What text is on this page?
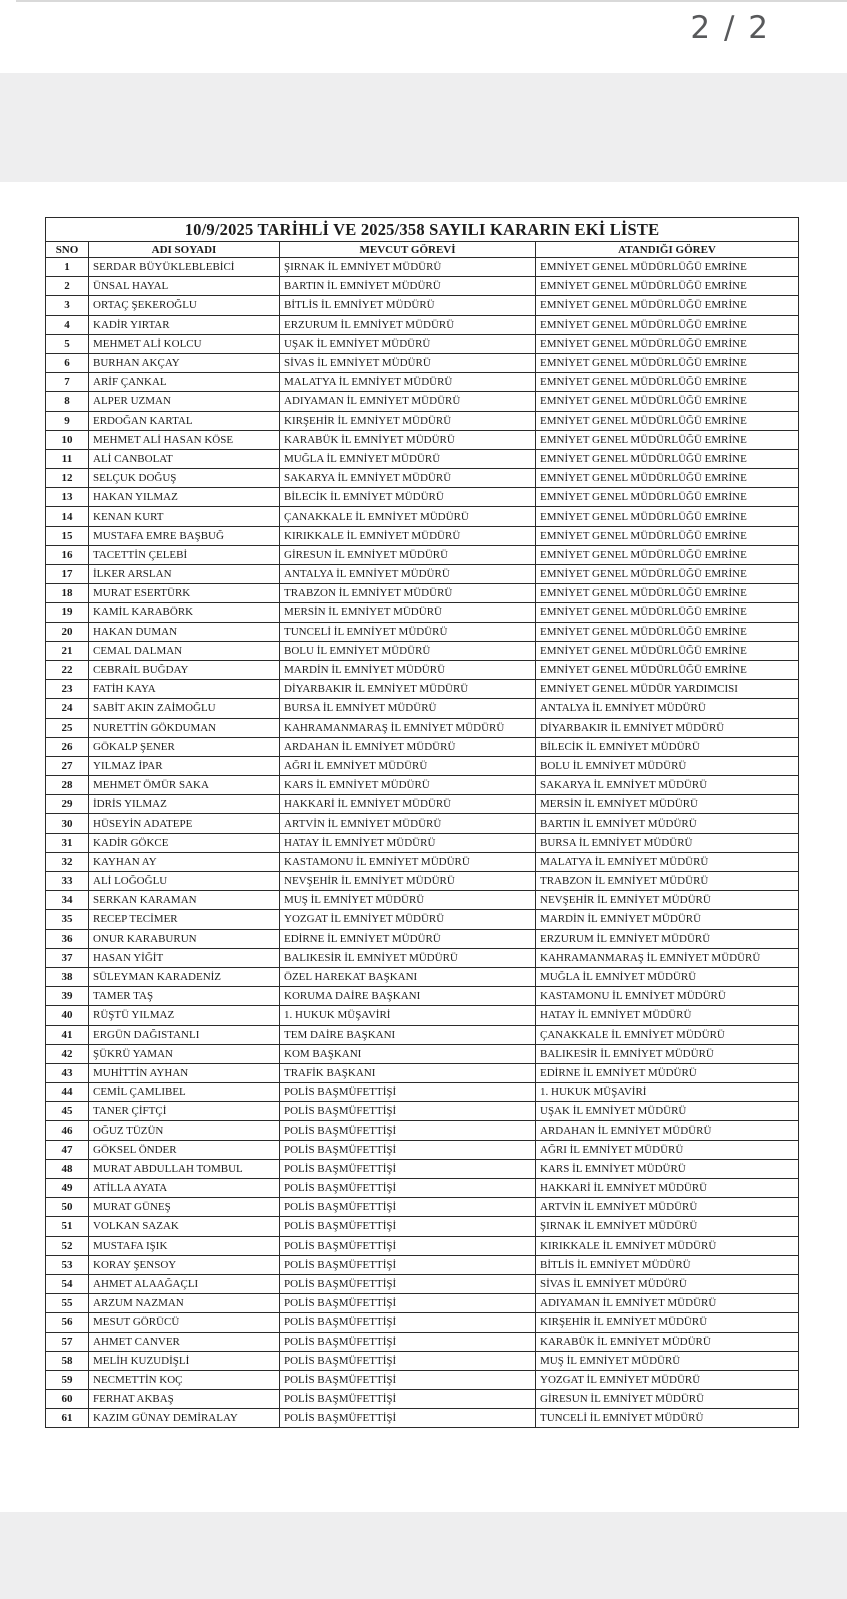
2 / 2
10/9/2025 TARİHLİ VE 2025/358 SAYILI KARARIN EKİ LİSTE			
SNO	ADI SOYADI	MEVCUT GÖREVİ	ATANDIĞI GÖREV
1	SERDAR BÜYÜKLEBLEBİCİ	ŞIRNAK İL EMNİYET MÜDÜRÜ	EMNİYET GENEL MÜDÜRLÜĞÜ EMRİNE
2	ÜNSAL HAYAL	BARTIN İL EMNİYET MÜDÜRÜ	EMNİYET GENEL MÜDÜRLÜĞÜ EMRİNE
3	ORTAÇ ŞEKEROĞLU	BİTLİS İL EMNİYET MÜDÜRÜ	EMNİYET GENEL MÜDÜRLÜĞÜ EMRİNE
4	KADİR YIRTAR	ERZURUM İL EMNİYET MÜDÜRÜ	EMNİYET GENEL MÜDÜRLÜĞÜ EMRİNE
5	MEHMET ALİ KOLCU	UŞAK İL EMNİYET MÜDÜRÜ	EMNİYET GENEL MÜDÜRLÜĞÜ EMRİNE
6	BURHAN AKÇAY	SİVAS İL EMNİYET MÜDÜRÜ	EMNİYET GENEL MÜDÜRLÜĞÜ EMRİNE
7	ARİF ÇANKAL	MALATYA İL EMNİYET MÜDÜRÜ	EMNİYET GENEL MÜDÜRLÜĞÜ EMRİNE
8	ALPER UZMAN	ADIYAMAN İL EMNİYET MÜDÜRÜ	EMNİYET GENEL MÜDÜRLÜĞÜ EMRİNE
9	ERDOĞAN KARTAL	KIRŞEHİR İL EMNİYET MÜDÜRÜ	EMNİYET GENEL MÜDÜRLÜĞÜ EMRİNE
10	MEHMET ALİ HASAN KÖSE	KARABÜK İL EMNİYET MÜDÜRÜ	EMNİYET GENEL MÜDÜRLÜĞÜ EMRİNE
11	ALİ CANBOLAT	MUĞLA İL EMNİYET MÜDÜRÜ	EMNİYET GENEL MÜDÜRLÜĞÜ EMRİNE
12	SELÇUK DOĞUŞ	SAKARYA İL EMNİYET MÜDÜRÜ	EMNİYET GENEL MÜDÜRLÜĞÜ EMRİNE
13	HAKAN YILMAZ	BİLECİK İL EMNİYET MÜDÜRÜ	EMNİYET GENEL MÜDÜRLÜĞÜ EMRİNE
14	KENAN KURT	ÇANAKKALE İL EMNİYET MÜDÜRÜ	EMNİYET GENEL MÜDÜRLÜĞÜ EMRİNE
15	MUSTAFA EMRE BAŞBUĞ	KIRIKKALE İL EMNİYET MÜDÜRÜ	EMNİYET GENEL MÜDÜRLÜĞÜ EMRİNE
16	TACETTİN ÇELEBİ	GİRESUN İL EMNİYET MÜDÜRÜ	EMNİYET GENEL MÜDÜRLÜĞÜ EMRİNE
17	İLKER ARSLAN	ANTALYA İL EMNİYET MÜDÜRÜ	EMNİYET GENEL MÜDÜRLÜĞÜ EMRİNE
18	MURAT ESERTÜRK	TRABZON İL EMNİYET MÜDÜRÜ	EMNİYET GENEL MÜDÜRLÜĞÜ EMRİNE
19	KAMİL KARABÖRK	MERSİN İL EMNİYET MÜDÜRÜ	EMNİYET GENEL MÜDÜRLÜĞÜ EMRİNE
20	HAKAN DUMAN	TUNCELİ İL EMNİYET MÜDÜRÜ	EMNİYET GENEL MÜDÜRLÜĞÜ EMRİNE
21	CEMAL DALMAN	BOLU İL EMNİYET MÜDÜRÜ	EMNİYET GENEL MÜDÜRLÜĞÜ EMRİNE
22	CEBRAİL BUĞDAY	MARDİN İL EMNİYET MÜDÜRÜ	EMNİYET GENEL MÜDÜRLÜĞÜ EMRİNE
23	FATİH KAYA	DİYARBAKIR İL EMNİYET MÜDÜRÜ	EMNİYET GENEL MÜDÜR YARDIMCISI
24	SABİT AKIN ZAİMOĞLU	BURSA İL EMNİYET MÜDÜRÜ	ANTALYA İL EMNİYET MÜDÜRÜ
25	NURETTİN GÖKDUMAN	KAHRAMANMARAŞ İL EMNİYET MÜDÜRÜ	DİYARBAKIR İL EMNİYET MÜDÜRÜ
26	GÖKALP ŞENER	ARDAHAN İL EMNİYET MÜDÜRÜ	BİLECİK İL EMNİYET MÜDÜRÜ
27	YILMAZ İPAR	AĞRI İL EMNİYET MÜDÜRÜ	BOLU İL EMNİYET MÜDÜRÜ
28	MEHMET ÖMÜR SAKA	KARS İL EMNİYET MÜDÜRÜ	SAKARYA İL EMNİYET MÜDÜRÜ
29	İDRİS YILMAZ	HAKKARİ İL EMNİYET MÜDÜRÜ	MERSİN İL EMNİYET MÜDÜRÜ
30	HÜSEYİN ADATEPE	ARTVİN İL EMNİYET MÜDÜRÜ	BARTIN İL EMNİYET MÜDÜRÜ
31	KADİR GÖKCE	HATAY İL EMNİYET MÜDÜRÜ	BURSA İL EMNİYET MÜDÜRÜ
32	KAYHAN AY	KASTAMONU İL EMNİYET MÜDÜRÜ	MALATYA İL EMNİYET MÜDÜRÜ
33	ALİ LOĞOĞLU	NEVŞEHİR İL EMNİYET MÜDÜRÜ	TRABZON İL EMNİYET MÜDÜRÜ
34	SERKAN KARAMAN	MUŞ İL EMNİYET MÜDÜRÜ	NEVŞEHİR İL EMNİYET MÜDÜRÜ
35	RECEP TECİMER	YOZGAT İL EMNİYET MÜDÜRÜ	MARDİN İL EMNİYET MÜDÜRÜ
36	ONUR KARABURUN	EDİRNE İL EMNİYET MÜDÜRÜ	ERZURUM İL EMNİYET MÜDÜRÜ
37	HASAN YİĞİT	BALIKESİR İL EMNİYET MÜDÜRÜ	KAHRAMANMARAŞ İL EMNİYET MÜDÜRÜ
38	SÜLEYMAN KARADENİZ	ÖZEL HAREKAT BAŞKANI	MUĞLA İL EMNİYET MÜDÜRÜ
39	TAMER TAŞ	KORUMA DAİRE BAŞKANI	KASTAMONU İL EMNİYET MÜDÜRÜ
40	RÜŞTÜ YILMAZ	1. HUKUK MÜŞAVİRİ	HATAY İL EMNİYET MÜDÜRÜ
41	ERGÜN DAĞISTANLI	TEM DAİRE BAŞKANI	ÇANAKKALE İL EMNİYET MÜDÜRÜ
42	ŞÜKRÜ YAMAN	KOM BAŞKANI	BALIKESİR İL EMNİYET MÜDÜRÜ
43	MUHİTTİN AYHAN	TRAFİK BAŞKANI	EDİRNE İL EMNİYET MÜDÜRÜ
44	CEMİL ÇAMLIBEL	POLİS BAŞMÜFETTİŞİ	1. HUKUK MÜŞAVİRİ
45	TANER ÇİFTÇİ	POLİS BAŞMÜFETTİŞİ	UŞAK İL EMNİYET MÜDÜRÜ
46	OĞUZ TÜZÜN	POLİS BAŞMÜFETTİŞİ	ARDAHAN İL EMNİYET MÜDÜRÜ
47	GÖKSEL ÖNDER	POLİS BAŞMÜFETTİŞİ	AĞRI İL EMNİYET MÜDÜRÜ
48	MURAT ABDULLAH TOMBUL	POLİS BAŞMÜFETTİŞİ	KARS İL EMNİYET MÜDÜRÜ
49	ATİLLA AYATA	POLİS BAŞMÜFETTİŞİ	HAKKARİ İL EMNİYET MÜDÜRÜ
50	MURAT GÜNEŞ	POLİS BAŞMÜFETTİŞİ	ARTVİN İL EMNİYET MÜDÜRÜ
51	VOLKAN SAZAK	POLİS BAŞMÜFETTİŞİ	ŞIRNAK İL EMNİYET MÜDÜRÜ
52	MUSTAFA IŞIK	POLİS BAŞMÜFETTİŞİ	KIRIKKALE İL EMNİYET MÜDÜRÜ
53	KORAY ŞENSOY	POLİS BAŞMÜFETTİŞİ	BİTLİS İL EMNİYET MÜDÜRÜ
54	AHMET ALAAĞAÇLI	POLİS BAŞMÜFETTİŞİ	SİVAS İL EMNİYET MÜDÜRÜ
55	ARZUM NAZMAN	POLİS BAŞMÜFETTİŞİ	ADIYAMAN İL EMNİYET MÜDÜRÜ
56	MESUT GÖRÜCÜ	POLİS BAŞMÜFETTİŞİ	KIRŞEHİR İL EMNİYET MÜDÜRÜ
57	AHMET CANVER	POLİS BAŞMÜFETTİŞİ	KARABÜK İL EMNİYET MÜDÜRÜ
58	MELİH KUZUDİŞLİ	POLİS BAŞMÜFETTİŞİ	MUŞ İL EMNİYET MÜDÜRÜ
59	NECMETTİN KOÇ	POLİS BAŞMÜFETTİŞİ	YOZGAT İL EMNİYET MÜDÜRÜ
60	FERHAT AKBAŞ	POLİS BAŞMÜFETTİŞİ	GİRESUN İL EMNİYET MÜDÜRÜ
61	KAZIM GÜNAY DEMİRALAY	POLİS BAŞMÜFETTİŞİ	TUNCELİ İL EMNİYET MÜDÜRÜ
